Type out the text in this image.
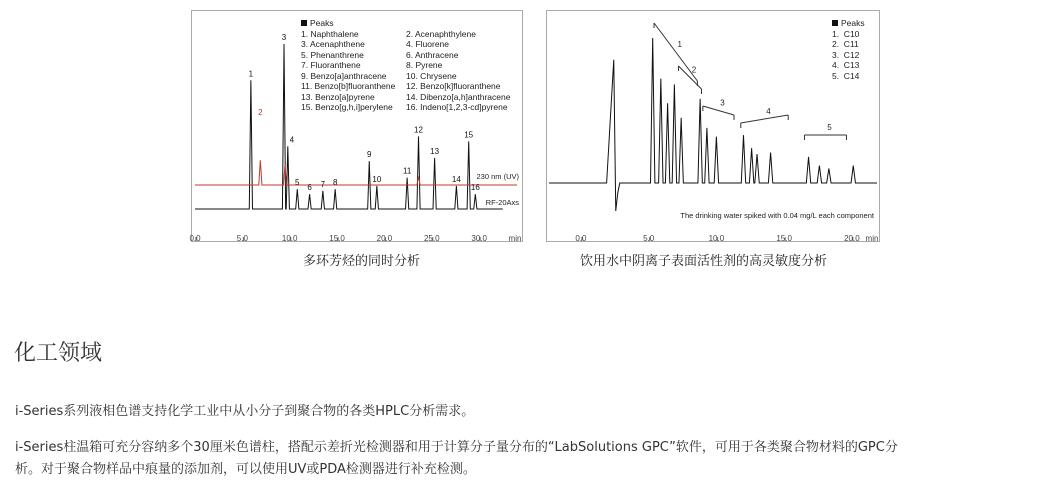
1
3
4
5
6 7 8
9
10
11
12
13
14
15
16
2
230 nm (UV)
RF-20Axs
Peaks
1. Naphthalene	2. Acenaphthylene
3. Acenaphthene	4. Fluorene
5. Phenanthrene	6. Anthracene
7. Fluoranthene	8. Pyrene
9. Benzo[a]anthracene	10. Chrysene
11. Benzo[b]fluoranthene	12. Benzo[k]fluoranthene
13. Benzo[a]pyrene	14. Dibenzo[a,h]anthracene
15. Benzo[g,h,i]perylene	16. Indeno[1,2,3-cd]pyrene
0.0	5.0	10.0	15.0	20.0	25.0	30.0	min
多环芳烃的同时分析
1
2
3
4
5
The drinking water spiked with 0.04 mg/L each component
Peaks
1.  C10
2.  C11
3.  C12
4.  C13
5.  C14
0.0	5.0	10.0	15.0	20.0 min
饮用水中阴离子表面活性剂的高灵敏度分析
化工领域

i-Series系列液相色谱支持化学工业中从小分子到聚合物的各类HPLC分析需求。

i-Series柱温箱可充分容纳多个30厘米色谱柱，搭配示差折光检测器和用于计算分子量分布的“LabSolutions GPC”软件，可用于各类聚合物材料的GPC分
析。对于聚合物样品中痕量的添加剂，可以使用UV或PDA检测器进行补充检测。
